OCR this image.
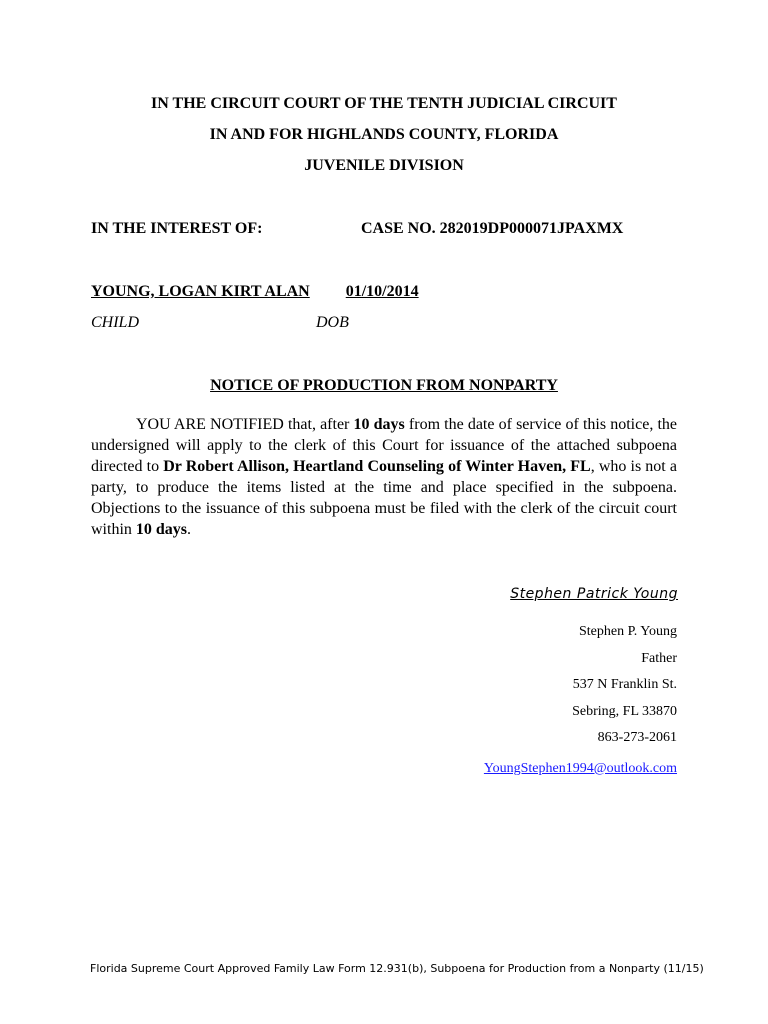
IN THE CIRCUIT COURT OF THE TENTH JUDICIAL CIRCUIT
IN AND FOR HIGHLANDS COUNTY, FLORIDA
JUVENILE DIVISION
IN THE INTEREST OF:	CASE NO. 282019DP000071JPAXMX
YOUNG, LOGAN KIRT ALAN 01/10/2014
CHILD	DOB
NOTICE OF PRODUCTION FROM NONPARTY
YOU ARE NOTIFIED that, after 10 days from the date of service of this notice, the undersigned will apply to the clerk of this Court for issuance of the attached subpoena directed to Dr Robert Allison, Heartland Counseling of Winter Haven, FL, who is not a party, to produce the items listed at the time and place specified in the subpoena. Objections to the issuance of this subpoena must be filed with the clerk of the circuit court within 10 days.
Stephen Patrick Young
Stephen P. Young
Father
537 N Franklin St.
Sebring, FL 33870
863-273-2061
YoungStephen1994@outlook.com
Florida Supreme Court Approved Family Law Form 12.931(b), Subpoena for Production from a Nonparty (11/15)
